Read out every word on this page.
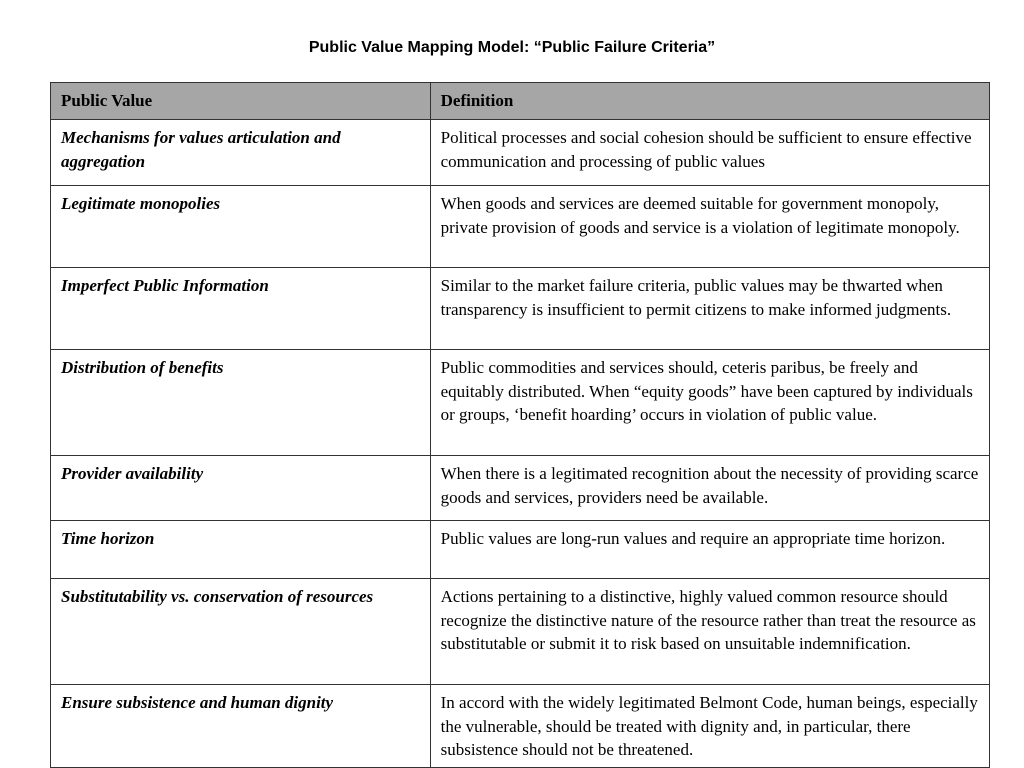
Public Value Mapping Model: “Public Failure Criteria”
Public Value	Definition
Mechanisms for values articulation and aggregation	Political processes and social cohesion should be sufficient to ensure effective communication and processing of public values
Legitimate monopolies	When goods and services are deemed suitable for government monopoly, private provision of goods and service is a violation of legitimate monopoly.
Imperfect Public Information	Similar to the market failure criteria, public values may be thwarted when transparency is insufficient to permit citizens to make informed judgments.
Distribution of benefits	Public commodities and services should, ceteris paribus, be freely and equitably distributed. When “equity goods” have been captured by individuals or groups, ‘benefit hoarding’ occurs in violation of public value.
Provider availability	When there is a legitimated recognition about the necessity of providing scarce goods and services, providers need be available.
Time horizon	Public values are long-run values and require an appropriate time horizon.
Substitutability vs. conservation of resources	Actions pertaining to a distinctive, highly valued common resource should recognize the distinctive nature of the resource rather than treat the resource as substitutable or submit it to risk based on unsuitable indemnification.
Ensure subsistence and human dignity	In accord with the widely legitimated Belmont Code, human beings, especially the vulnerable, should be treated with dignity and, in particular, there subsistence should not be threatened.
